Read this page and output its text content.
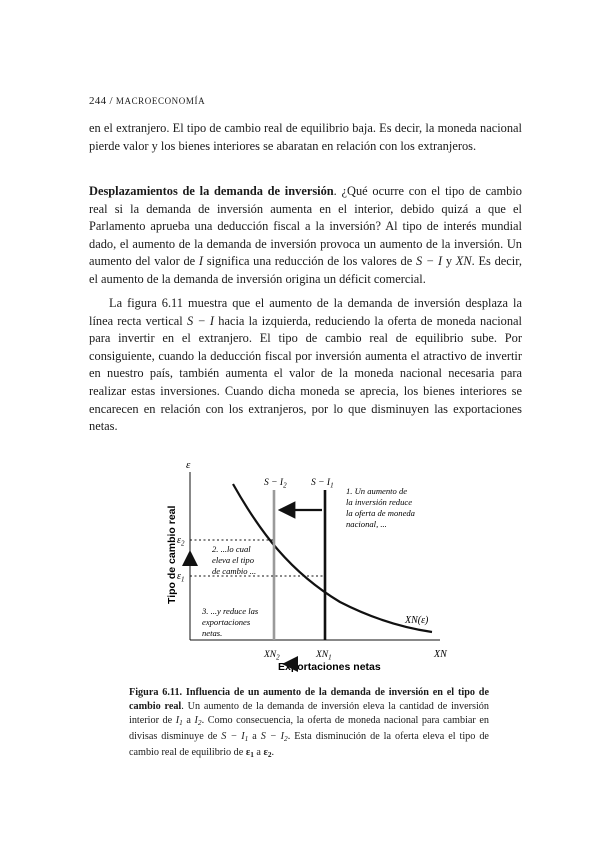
244 / MACROECONOMÍA

en el extranjero. El tipo de cambio real de equilibrio baja. Es decir, la moneda nacional pierde valor y los bienes interiores se abaratan en relación con los extranjeros.

Desplazamientos de la demanda de inversión. ¿Qué ocurre con el tipo de cambio real si la demanda de inversión aumenta en el interior, debido quizá a que el Parlamento aprueba una deducción fiscal a la inversión? Al tipo de interés mundial dado, el aumento de la demanda de inversión provoca un aumento de la inversión. Un aumento del valor de I significa una reducción de los valores de S − I y XN. Es decir, el aumento de la demanda de inversión origina un déficit comercial.

La figura 6.11 muestra que el aumento de la demanda de inversión desplaza la línea recta vertical S − I hacia la izquierda, reduciendo la oferta de moneda nacional para invertir en el extranjero. El tipo de cambio real de equilibrio sube. Por consiguiente, cuando la deducción fiscal por inversión aumenta el atractivo de invertir en nuestro país, también aumenta el valor de la moneda nacional necesaria para realizar estas inversiones. Cuando dicha moneda se aprecia, los bienes interiores se encarecen en relación con los extranjeros, por lo que disminuyen las exportaciones netas.

ε
Tipo de cambio real
Exportaciones netas
XN
XN(ε)
$S - I_2$	$S - I_1$
$\varepsilon_2$
$\varepsilon_1$
$XN_2$	$XN_1$
1. Un aumento de
la inversión reduce
la oferta de moneda
nacional, ...
2. ...lo cual
eleva el tipo
de cambio ...
3. ...y reduce las
exportaciones
netas.
Figura 6.11. Influencia de un aumento de la demanda de inversión en el tipo de cambio real. Un aumento de la demanda de inversión eleva la cantidad de inversión interior de $I_1$ a $I_2$. Como consecuencia, la oferta de moneda nacional para cambiar en divisas disminuye de $S - I_1$ a $S - I_2$. Esta disminución de la oferta eleva el tipo de cambio real de equilibrio de $\varepsilon_1$ a $\varepsilon_2$.
